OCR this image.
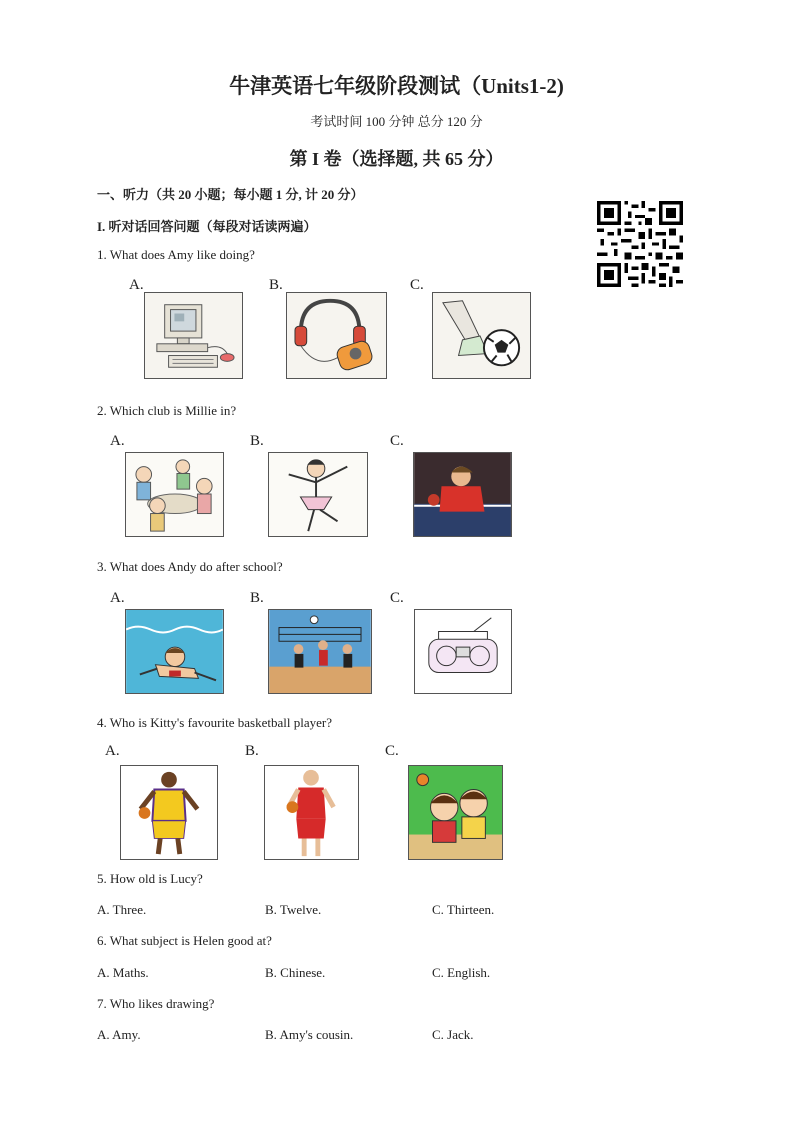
牛津英语七年级阶段测试（Units1-2)
考试时间 100 分钟 总分 120 分
第 I 卷（选择题, 共 65 分）
一、听力（共 20 小题；每小题 1 分, 计 20 分）
I. 听对话回答问题（每段对话读两遍）
1. What does Amy like doing?
A.	B.	C.
2. Which club is Millie in?
A.	B.	C.
3. What does Andy do after school?
A.	B.	C.
4. Who is Kitty's favourite basketball player?
A.	B.	C.
5. How old is Lucy?
A. Three.	B. Twelve.	C. Thirteen.
6. What subject is Helen good at?
A. Maths.	B. Chinese.	C. English.
7. Who likes drawing?
A. Amy.	B. Amy's cousin.	C. Jack.
